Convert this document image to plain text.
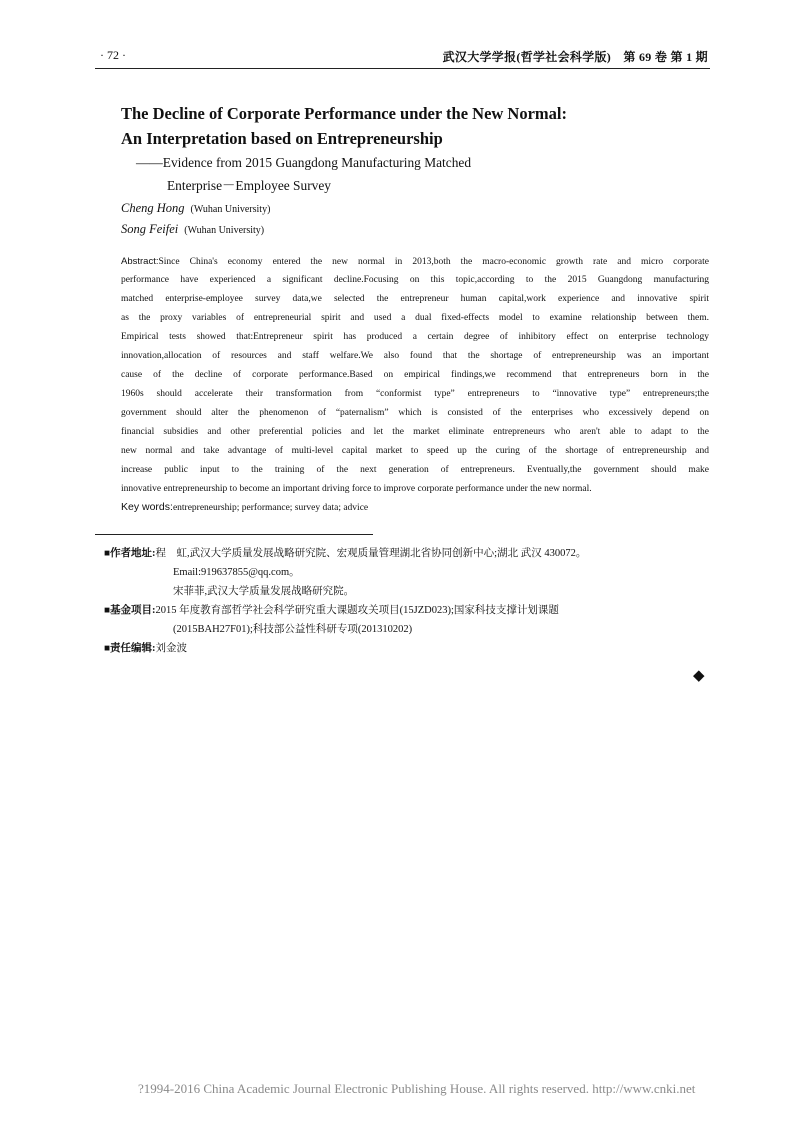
· 72 ·	武汉大学学报(哲学社会科学版)　第 69 卷 第 1 期
The Decline of Corporate Performance under the New Normal:
An Interpretation based on Entrepreneurship
——Evidence from 2015 Guangdong Manufacturing Matched
Enterprise－Employee Survey
Cheng Hong (Wuhan University)
Song Feifei (Wuhan University)
Abstract:Since China's economy entered the new normal in 2013,both the macro-economic growth rate and micro corporate
performance have experienced a significant decline.Focusing on this topic,according to the 2015 Guangdong manufacturing
matched enterprise-employee survey data,we selected the entrepreneur human capital,work experience and innovative spirit
as the proxy variables of entrepreneurial spirit and used a dual fixed-effects model to examine relationship between them.
Empirical tests showed that:Entrepreneur spirit has produced a certain degree of inhibitory effect on enterprise technology
innovation,allocation of resources and staff welfare.We also found that the shortage of entrepreneurship was an important
cause of the decline of corporate performance.Based on empirical findings,we recommend that entrepreneurs born in the
1960s should accelerate their transformation from “conformist type” entrepreneurs to “innovative type” entrepreneurs;the
government should alter the phenomenon of “paternalism” which is consisted of the enterprises who excessively depend on
financial subsidies and other preferential policies and let the market eliminate entrepreneurs who aren't able to adapt to the
new normal and take advantage of multi-level capital market to speed up the curing of the shortage of entrepreneurship and
increase public input to the training of the next generation of entrepreneurs. Eventually,the government should make
innovative entrepreneurship to become an important driving force to improve corporate performance under the new normal.
Key words:entrepreneurship; performance; survey data; advice
■作者地址:程　虹,武汉大学质量发展战略研究院、宏观质量管理湖北省协同创新中心;湖北 武汉 430072。
Email:919637855@qq.com。
宋菲菲,武汉大学质量发展战略研究院。
■基金项目:2015 年度教育部哲学社会科学研究重大课题攻关项目(15JZD023);国家科技支撑计划课题
(2015BAH27F01);科技部公益性科研专项(201310202)
■责任编辑:刘金波
◆
?1994-2016 China Academic Journal Electronic Publishing House. All rights reserved. http://www.cnki.net
